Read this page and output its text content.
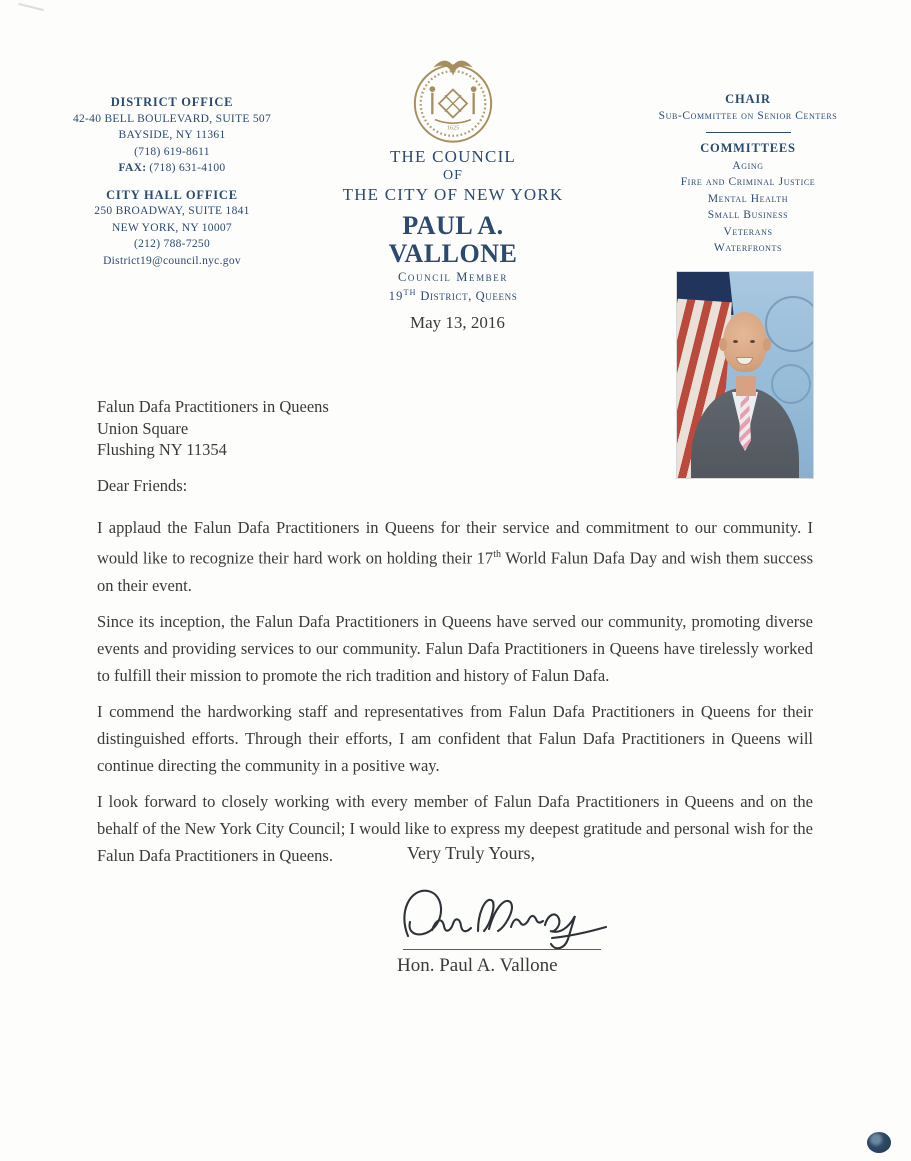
DISTRICT OFFICE
42-40 BELL BOULEVARD, SUITE 507
BAYSIDE, NY 11361
(718) 619-8611
FAX: (718) 631-4100
CITY HALL OFFICE
250 BROADWAY, SUITE 1841
NEW YORK, NY 10007
(212) 788-7250
District19@council.nyc.gov
1625
THE COUNCIL
OF
THE CITY OF NEW YORK
PAUL A. VALLONE
Council Member
19TH District, Queens
CHAIR
Sub-Committee on Senior Centers
COMMITTEES
Aging
Fire and Criminal Justice
Mental Health
Small Business
Veterans
Waterfronts
May 13, 2016
Falun Dafa Practitioners in Queens
Union Square
Flushing NY 11354
Dear Friends:

I applaud the Falun Dafa Practitioners in Queens for their service and commitment to our community. I would like to recognize their hard work on holding their 17th World Falun Dafa Day and wish them success on their event.

Since its inception, the Falun Dafa Practitioners in Queens have served our community, promoting diverse events and providing services to our community. Falun Dafa Practitioners in Queens have tirelessly worked to fulfill their mission to promote the rich tradition and history of Falun Dafa.

I commend the hardworking staff and representatives from Falun Dafa Practitioners in Queens for their distinguished efforts. Through their efforts, I am confident that Falun Dafa Practitioners in Queens will continue directing the community in a positive way.

I look forward to closely working with every member of Falun Dafa Practitioners in Queens and on the behalf of the New York City Council; I would like to express my deepest gratitude and personal wish for the Falun Dafa Practitioners in Queens.	Very Truly Yours,
Hon. Paul A. Vallone
